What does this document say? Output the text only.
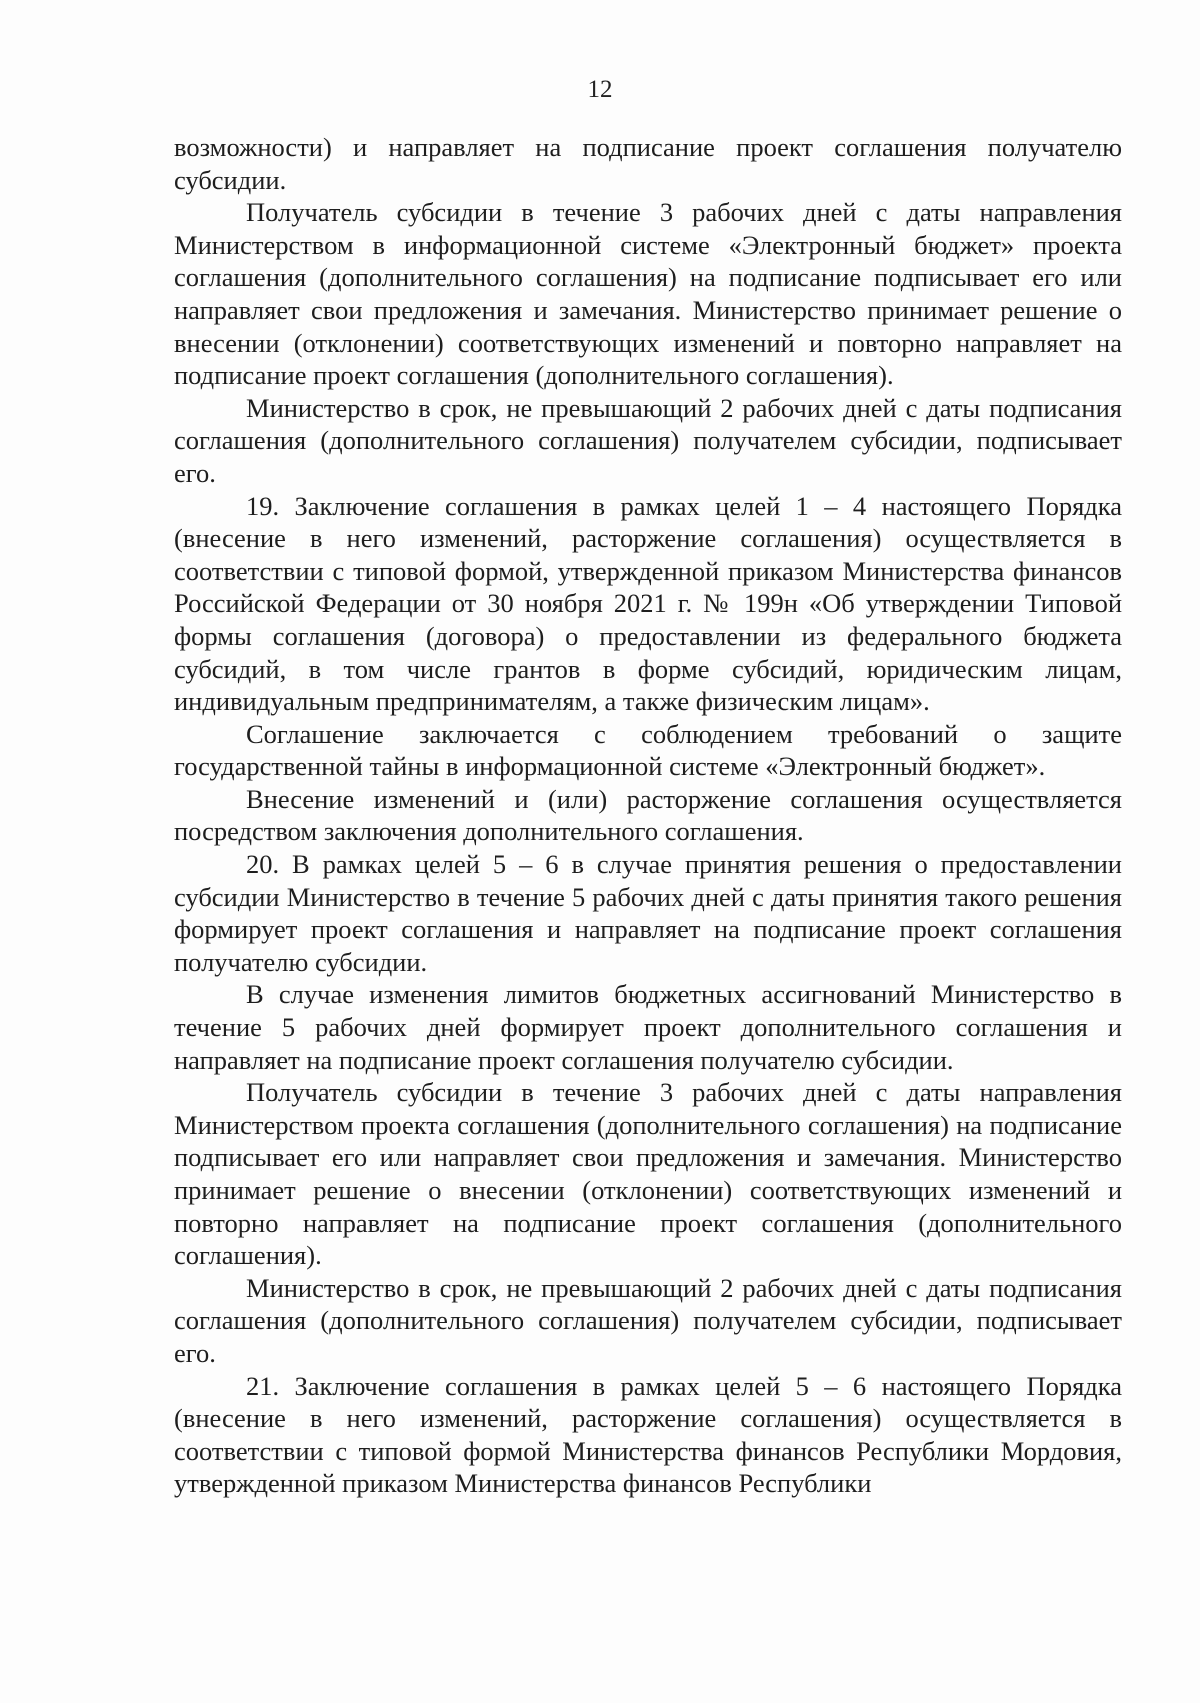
12

возможности) и направляет на подписание проект соглашения получателю субсидии.

Получатель субсидии в течение 3 рабочих дней с даты направления Министерством в информационной системе «Электронный бюджет» проекта соглашения (дополнительного соглашения) на подписание подписывает его или направляет свои предложения и замечания. Министерство принимает решение о внесении (отклонении) соответствующих изменений и повторно направляет на подписание проект соглашения (дополнительного соглашения).

Министерство в срок, не превышающий 2 рабочих дней с даты подписания соглашения (дополнительного соглашения) получателем субсидии, подписывает его.

19. Заключение соглашения в рамках целей 1 – 4 настоящего Порядка (внесение в него изменений, расторжение соглашения) осуществляется в соответствии с типовой формой, утвержденной приказом Министерства финансов Российской Федерации от 30 ноября 2021 г. № 199н «Об утверждении Типовой формы соглашения (договора) о предоставлении из федерального бюджета субсидий, в том числе грантов в форме субсидий, юридическим лицам, индивидуальным предпринимателям, а также физическим лицам».

Соглашение заключается с соблюдением требований о защите государственной тайны в информационной системе «Электронный бюджет».

Внесение изменений и (или) расторжение соглашения осуществляется посредством заключения дополнительного соглашения.

20. В рамках целей 5 – 6 в случае принятия решения о предоставлении субсидии Министерство в течение 5 рабочих дней с даты принятия такого решения формирует проект соглашения и направляет на подписание проект соглашения получателю субсидии.

В случае изменения лимитов бюджетных ассигнований Министерство в течение 5 рабочих дней формирует проект дополнительного соглашения и направляет на подписание проект соглашения получателю субсидии.

Получатель субсидии в течение 3 рабочих дней с даты направления Министерством проекта соглашения (дополнительного соглашения) на подписание подписывает его или направляет свои предложения и замечания. Министерство принимает решение о внесении (отклонении) соответствующих изменений и повторно направляет на подписание проект соглашения (дополнительного соглашения).

Министерство в срок, не превышающий 2 рабочих дней с даты подписания соглашения (дополнительного соглашения) получателем субсидии, подписывает его.

21. Заключение соглашения в рамках целей 5 – 6 настоящего Порядка (внесение в него изменений, расторжение соглашения) осуществляется в соответствии с типовой формой Министерства финансов Республики Мордовия, утвержденной приказом Министерства финансов Республики
